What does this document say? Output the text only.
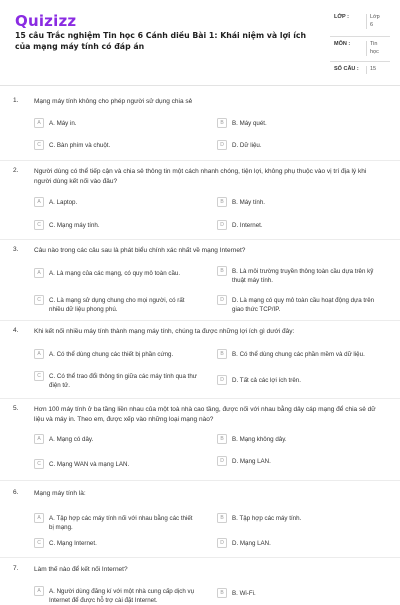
Quizizz
15 câu Trắc nghiệm Tin học 6 Cánh diều Bài 1: Khái niệm và lợi ích của mạng máy tính có đáp án
LỚP :	Lớp 6
MÔN :	Tin học
SỐ CÂU :	15
1. Mạng máy tính không cho phép người sử dụng chia sẻ
A	A. Máy in.	B	B. Máy quét.
C	C. Bàn phím và chuột.	D	D. Dữ liệu.
2. Người dùng có thể tiếp cận và chia sẻ thông tin một cách nhanh chóng, tiện lợi, không phụ thuộc vào vị trí địa lý khi người dùng kết nối vào đâu?
A	A. Laptop.	B	B. Máy tính.
C	C. Mạng máy tính.	D	D. Internet.
3. Câu nào trong các câu sau là phát biểu chính xác nhất về mạng Internet?
A	A. Là mạng của các mạng, có quy mô toàn cầu.	B	B. Là môi trường truyền thông toàn cầu dựa trên kỹ thuật máy tính.
C	C. Là mạng sử dụng chung cho mọi người, có rất nhiều dữ liệu phong phú.
D	D. Là mạng có quy mô toàn cầu hoạt động dựa trên giao thức TCP/IP.
4. Khi kết nối nhiều máy tính thành mạng máy tính, chúng ta được những lợi ích gì dưới đây:
A	A. Có thể dùng chung các thiết bị phần cứng.	B	B. Có thể dùng chung các phần mềm và dữ liệu.
C	C. Có thể trao đổi thông tin giữa các máy tính qua thư điện tử.
D	D. Tất cả các lợi ích trên.
5. Hơn 100 máy tính ở ba tầng liền nhau của một toà nhà cao tầng, được nối với nhau bằng dây cáp mạng để chia sẻ dữ liệu và máy in. Theo em, được xếp vào những loại mạng nào?
A	A. Mạng có dây.	B	B. Mạng không dây.
C	C. Mạng WAN và mạng LAN.	D	D. Mạng LAN.
6. Mạng máy tính là:
A	A. Tập hợp các máy tính nối với nhau bằng các thiết bị mạng.
B	B. Tập hợp các máy tính.
C	C. Mạng Internet.	D	D. Mạng LAN.
7. Làm thế nào để kết nối Internet?
A	A. Người dùng đăng kí với một nhà cung cấp dịch vụ Internet để được hỗ trợ cài đặt Internet.
B	B. Wi-Fi.
